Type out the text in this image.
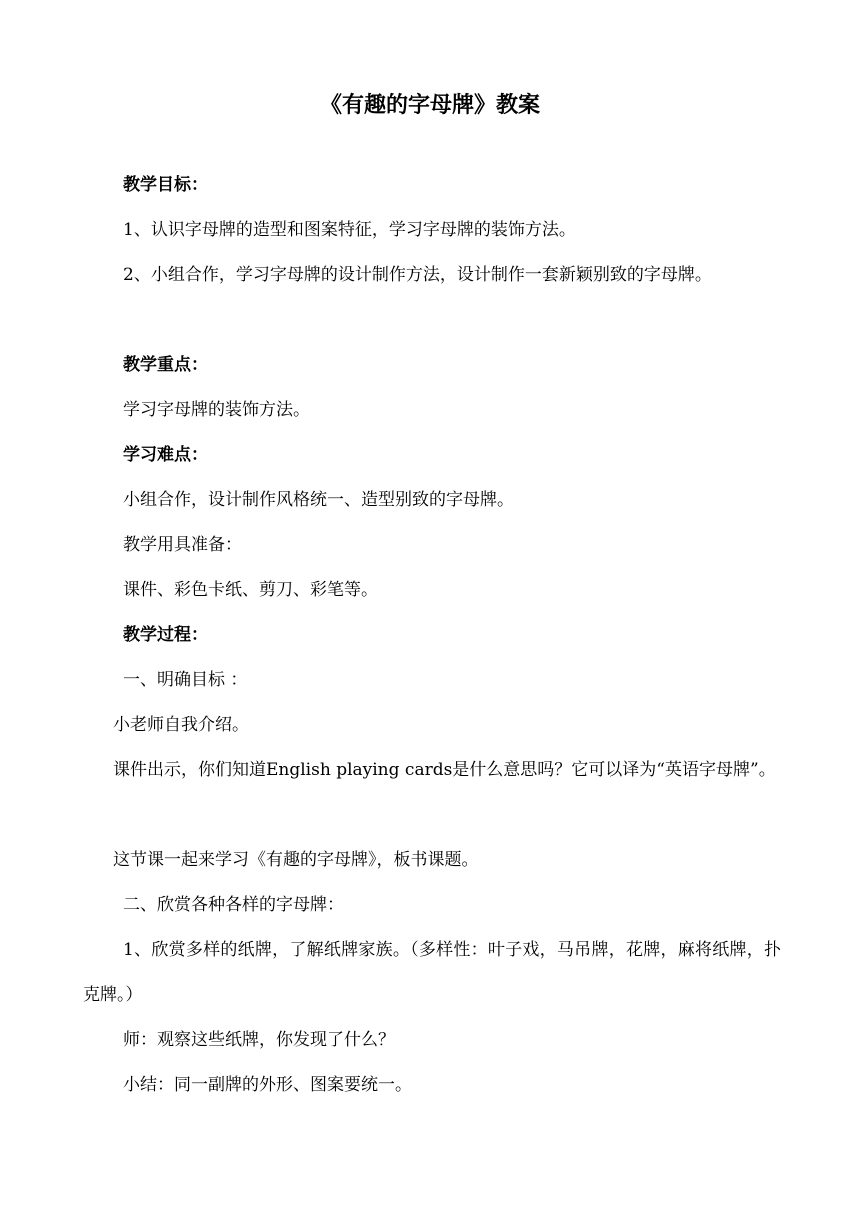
《有趣的字母牌》教案

教学目标：

1、认识字母牌的造型和图案特征，学习字母牌的装饰方法。

2、小组合作，学习字母牌的设计制作方法，设计制作一套新颖别致的字母牌。

教学重点：

学习字母牌的装饰方法。

学习难点：

小组合作，设计制作风格统一、造型别致的字母牌。

教学用具准备：

课件、彩色卡纸、剪刀、彩笔等。

教学过程：

一、明确目标 ：

小老师自我介绍。

课件出示，你们知道English playing cards是什么意思吗？它可以译为“英语字母牌”。

这节课一起来学习《有趣的字母牌》，板书课题。

二、欣赏各种各样的字母牌：

1、欣赏多样的纸牌，了解纸牌家族。（多样性：叶子戏，马吊牌，花牌，麻将纸牌，扑克牌。）

师：观察这些纸牌，你发现了什么？

小结：同一副牌的外形、图案要统一。
